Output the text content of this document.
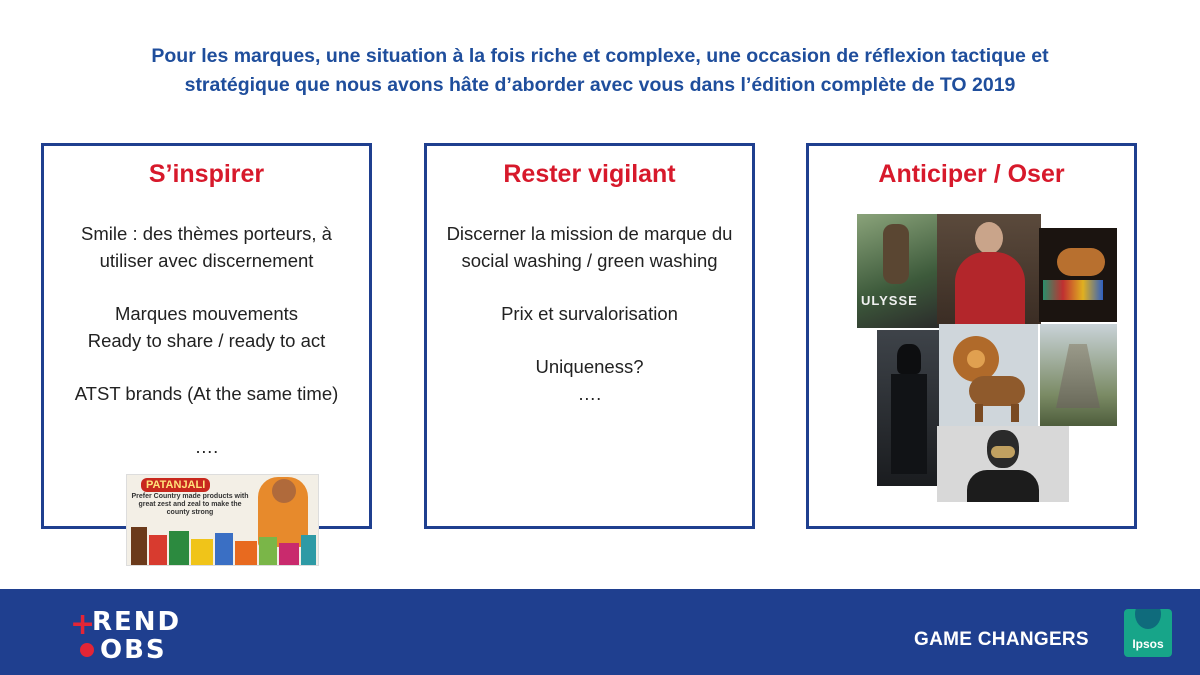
Pour les marques, une situation à la fois riche et complexe, une occasion de réflexion tactique et
stratégique que nous avons hâte d’aborder avec vous dans l’édition complète de TO 2019
S’inspirer
Smile : des thèmes porteurs, à
utiliser avec discernement
Marques mouvements
Ready to share / ready to act
ATST brands (At the same time)
….
PATANJALI
Prefer Country made products with great zest and zeal to make the county strong
Rester vigilant
Discerner la mission de marque du
social washing / green washing
Prix et survalorisation
Uniqueness?
….
Anticiper / Oser
ULYSSE
+
REND
OBS	GAME CHANGERS	Ipsos
